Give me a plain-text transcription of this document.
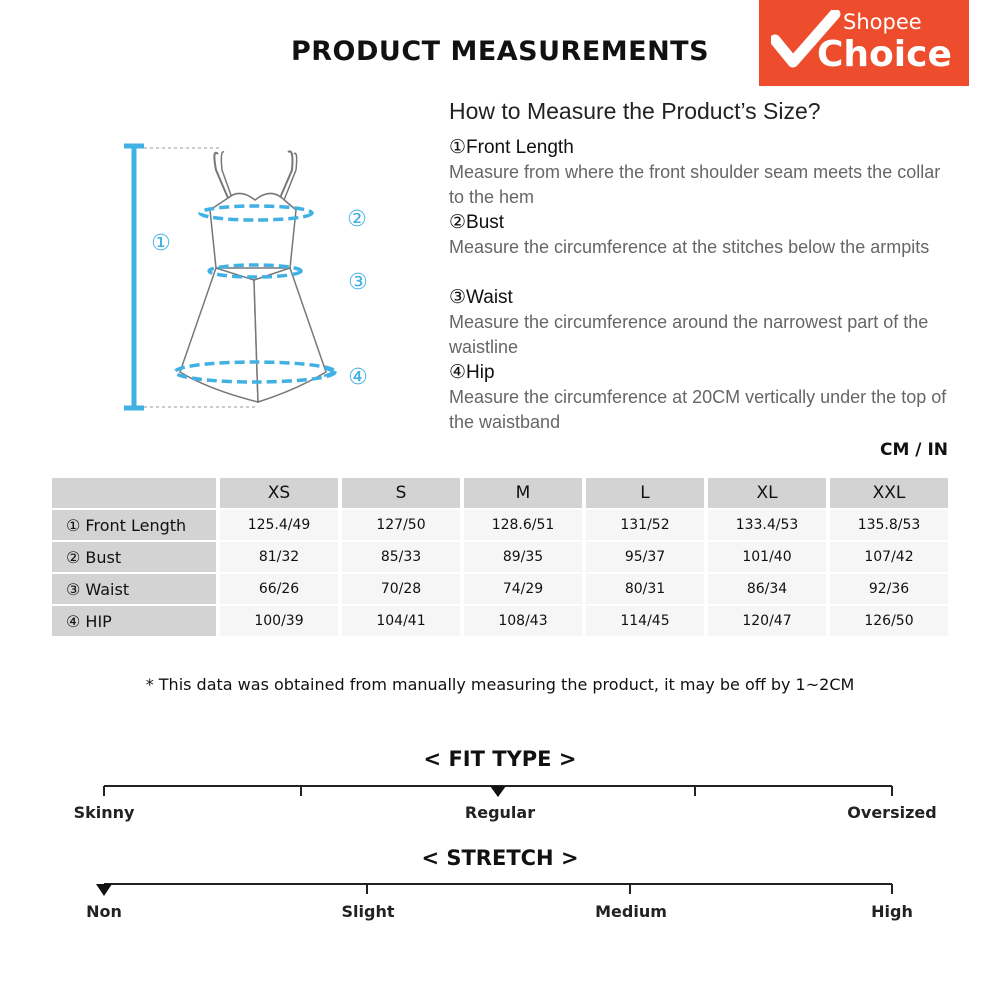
PRODUCT MEASUREMENTS
Shopee
Choice
①
②
③
④
How to Measure the Product’s Size?
①Front Length
Measure from where the front shoulder seam meets the collar to the hem
②Bust
Measure the circumference at the stitches below the armpits
③Waist
Measure the circumference around the narrowest part of the waistline
④Hip
Measure the circumference at 20CM vertically under the top of the waistband
CM / IN
	XS	S	M	L	XL	XXL
① Front Length	125.4/49	127/50	128.6/51	131/52	133.4/53	135.8/53
② Bust	81/32	85/33	89/35	95/37	101/40	107/42
③ Waist	66/26	70/28	74/29	80/31	86/34	92/36
④ HIP	100/39	104/41	108/43	114/45	120/47	126/50
* This data was obtained from manually measuring the product, it may be off by 1~2CM
< FIT TYPE >
Skinny	Regular	Oversized
< STRETCH >
Non	Slight	Medium	High
